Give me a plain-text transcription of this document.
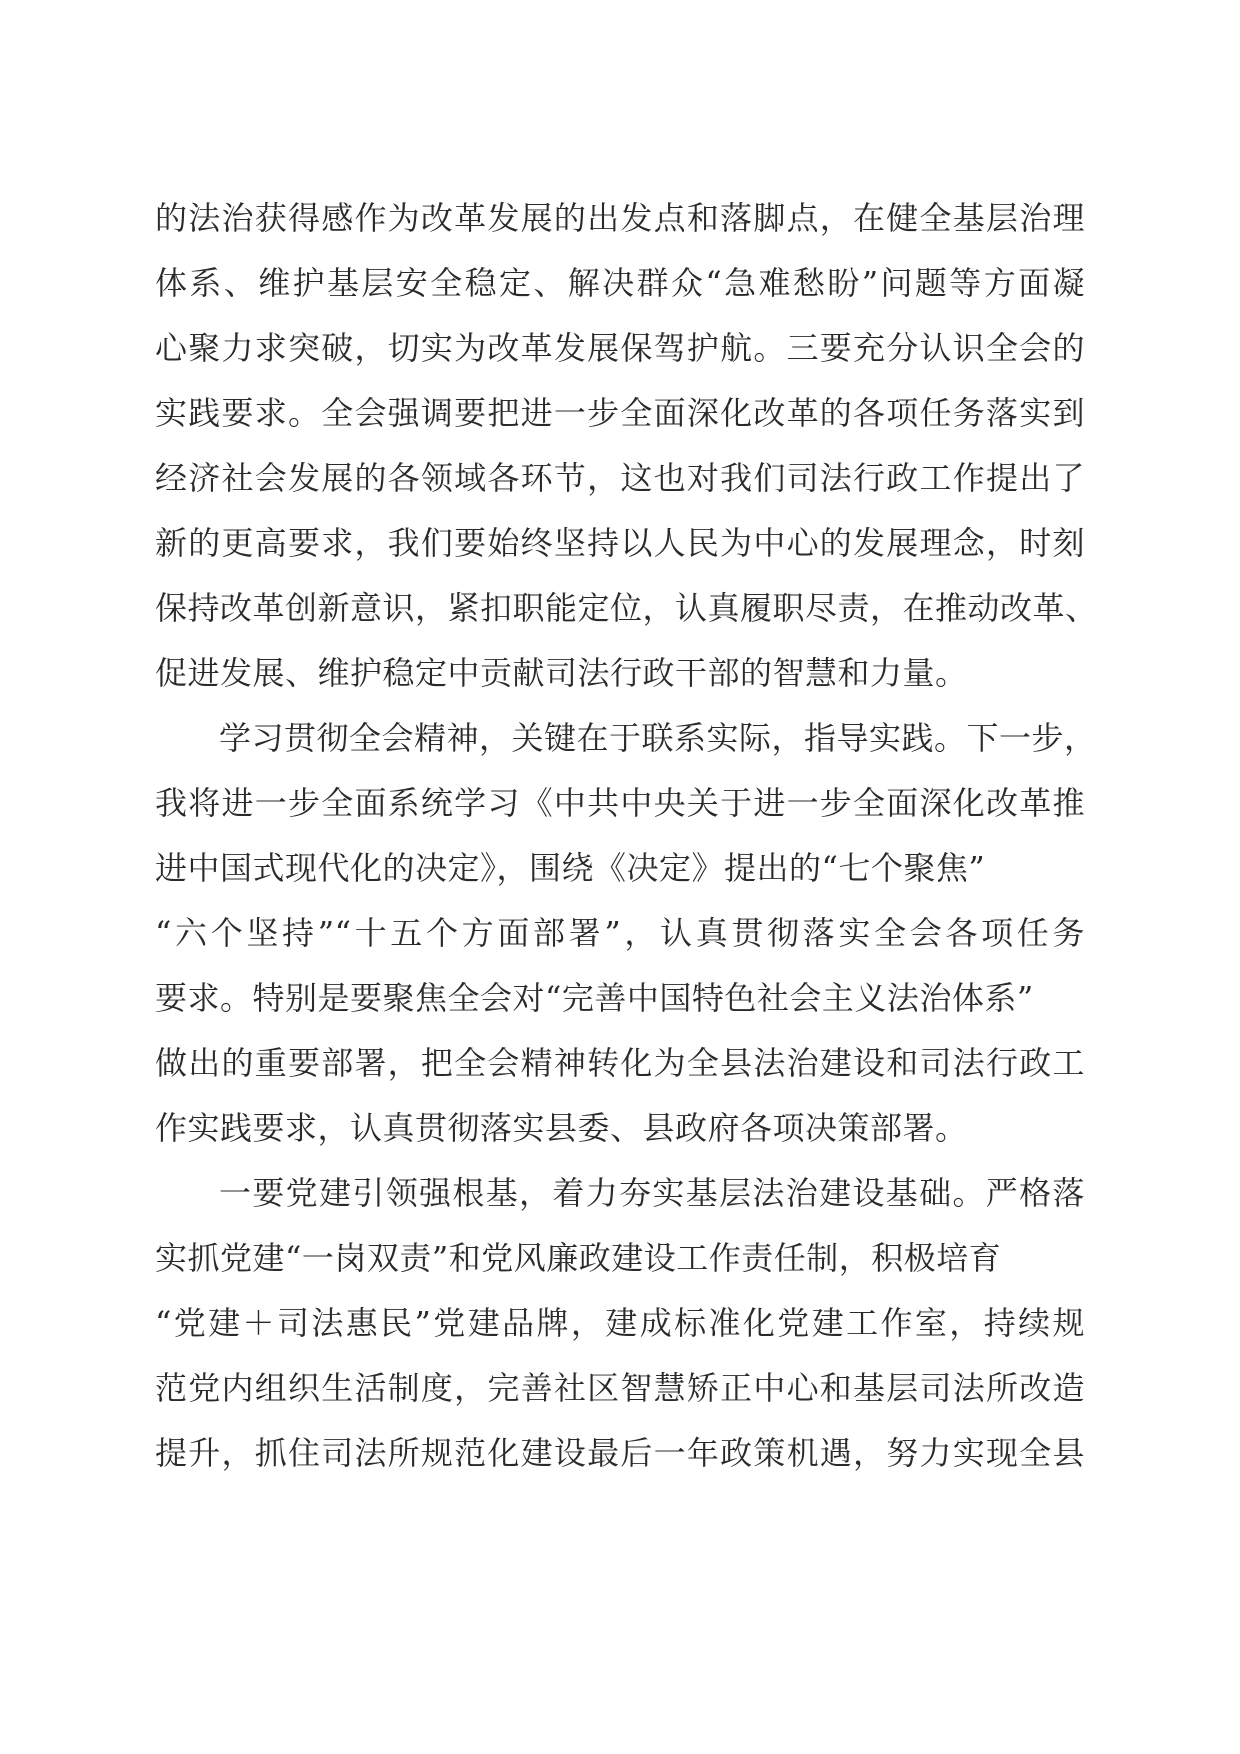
的法治获得感作为改革发展的出发点和落脚点，在健全基层治理
体系、维护基层安全稳定、解决群众“急难愁盼”问题等方面凝
心聚力求突破，切实为改革发展保驾护航。三要充分认识全会的
实践要求。全会强调要把进一步全面深化改革的各项任务落实到
经济社会发展的各领域各环节，这也对我们司法行政工作提出了
新的更高要求，我们要始终坚持以人民为中心的发展理念，时刻
保持改革创新意识，紧扣职能定位，认真履职尽责，在推动改革、
促进发展、维护稳定中贡献司法行政干部的智慧和力量。
学习贯彻全会精神，关键在于联系实际，指导实践。下一步，
我将进一步全面系统学习《中共中央关于进一步全面深化改革推
进中国式现代化的决定》，围绕《决定》提出的“七个聚焦”
“六个坚持”“十五个方面部署”，认真贯彻落实全会各项任务
要求。特别是要聚焦全会对“完善中国特色社会主义法治体系”
做出的重要部署，把全会精神转化为全县法治建设和司法行政工
作实践要求，认真贯彻落实县委、县政府各项决策部署。
一要党建引领强根基，着力夯实基层法治建设基础。严格落
实抓党建“一岗双责”和党风廉政建设工作责任制，积极培育
“党建＋司法惠民”党建品牌，建成标准化党建工作室，持续规
范党内组织生活制度，完善社区智慧矫正中心和基层司法所改造
提升，抓住司法所规范化建设最后一年政策机遇，努力实现全县
